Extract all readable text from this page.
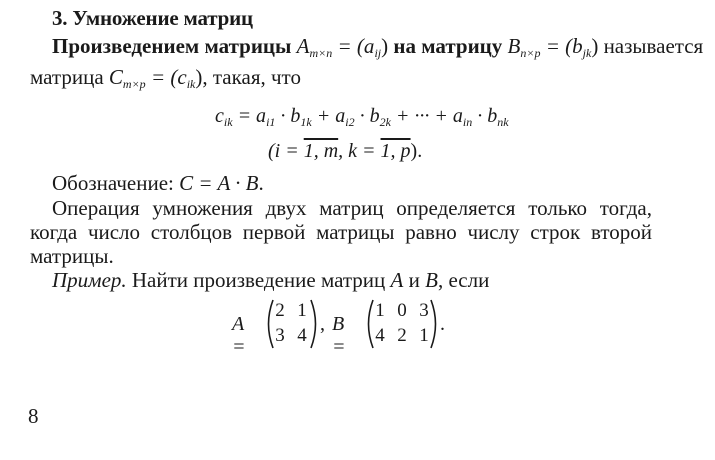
3. Умножение матриц
Произведением матрицы $A_{m\times n} = (a_{ij})$ на матрицу $B_{n\times p} = (b_{jk})$ называется
матрица $C_{m\times p} = (c_{ik})$, такая, что
$c_{ik} = a_{i1} \cdot b_{1k} + a_{i2} \cdot b_{2k}$ + ··· + $a_{in} \cdot b_{nk}$
(i = 1, m, k = 1, p).
Обозначение: C = A · B.
Операция умножения двух матриц определяется только тогда,
когда число столбцов первой матрицы равно числу строк второй
матрицы.
Пример. Найти произведение матриц A и B, если
A =
2 1
3 4
, B =
1 0 3
4 2 1
.
8
